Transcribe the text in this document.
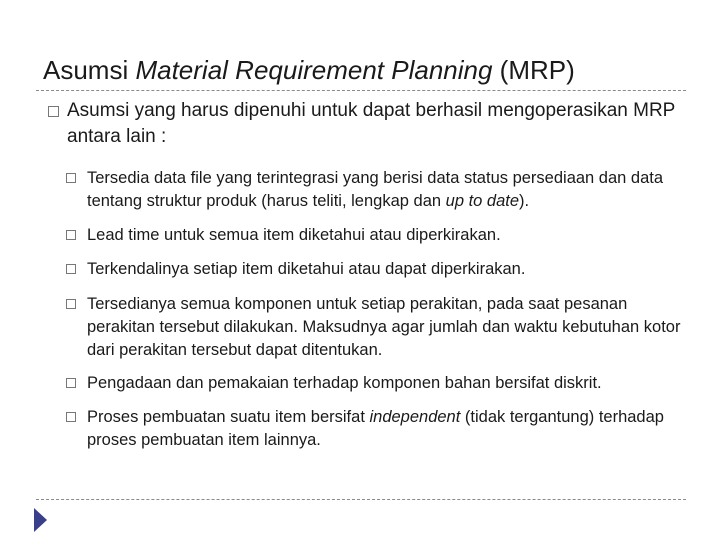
Asumsi Material Requirement Planning (MRP)
Asumsi yang harus dipenuhi untuk dapat berhasil mengoperasikan MRP antara lain :
Tersedia data file yang terintegrasi yang berisi data status persediaan dan data tentang struktur produk (harus teliti, lengkap dan up to date).
Lead time untuk semua item diketahui atau diperkirakan.
Terkendalinya setiap item diketahui atau dapat diperkirakan.
Tersedianya semua komponen untuk setiap perakitan, pada saat pesanan perakitan tersebut dilakukan. Maksudnya agar jumlah dan waktu kebutuhan kotor dari perakitan tersebut dapat ditentukan.
Pengadaan dan pemakaian terhadap komponen bahan bersifat diskrit.
Proses pembuatan suatu item bersifat independent (tidak tergantung) terhadap proses pembuatan item lainnya.
